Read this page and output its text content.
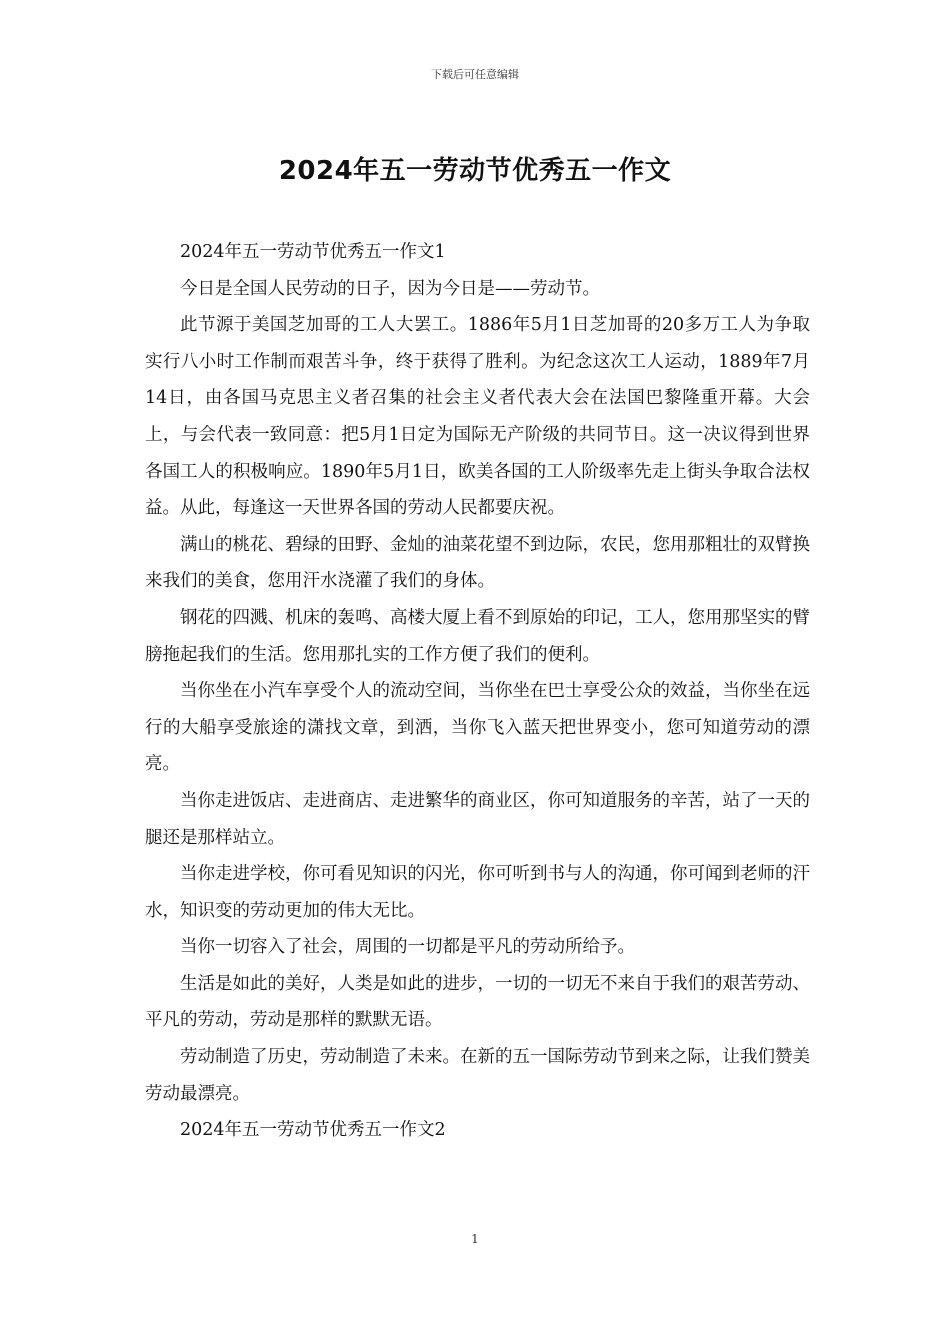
下载后可任意编辑
2024年五一劳动节优秀五一作文

2024年五一劳动节优秀五一作文1

今日是全国人民劳动的日子，因为今日是——劳动节。

此节源于美国芝加哥的工人大罢工。1886年5月1日芝加哥的20多万工人为争取实行八小时工作制而艰苦斗争，终于获得了胜利。为纪念这次工人运动，1889年7月14日，由各国马克思主义者召集的社会主义者代表大会在法国巴黎隆重开幕。大会上，与会代表一致同意：把5月1日定为国际无产阶级的共同节日。这一决议得到世界各国工人的积极响应。1890年5月1日，欧美各国的工人阶级率先走上街头争取合法权益。从此，每逢这一天世界各国的劳动人民都要庆祝。

满山的桃花、碧绿的田野、金灿的油菜花望不到边际，农民，您用那粗壮的双臂换来我们的美食，您用汗水浇灌了我们的身体。

钢花的四溅、机床的轰鸣、高楼大厦上看不到原始的印记，工人，您用那坚实的臂膀拖起我们的生活。您用那扎实的工作方便了我们的便利。

当你坐在小汽车享受个人的流动空间，当你坐在巴士享受公众的效益，当你坐在远行的大船享受旅途的潇找文章，到洒，当你飞入蓝天把世界变小，您可知道劳动的漂亮。

当你走进饭店、走进商店、走进繁华的商业区，你可知道服务的辛苦，站了一天的腿还是那样站立。

当你走进学校，你可看见知识的闪光，你可听到书与人的沟通，你可闻到老师的汗水，知识变的劳动更加的伟大无比。

当你一切容入了社会，周围的一切都是平凡的劳动所给予。

生活是如此的美好，人类是如此的进步，一切的一切无不来自于我们的艰苦劳动、平凡的劳动，劳动是那样的默默无语。

劳动制造了历史，劳动制造了未来。在新的五一国际劳动节到来之际，让我们赞美劳动最漂亮。

2024年五一劳动节优秀五一作文2

1
